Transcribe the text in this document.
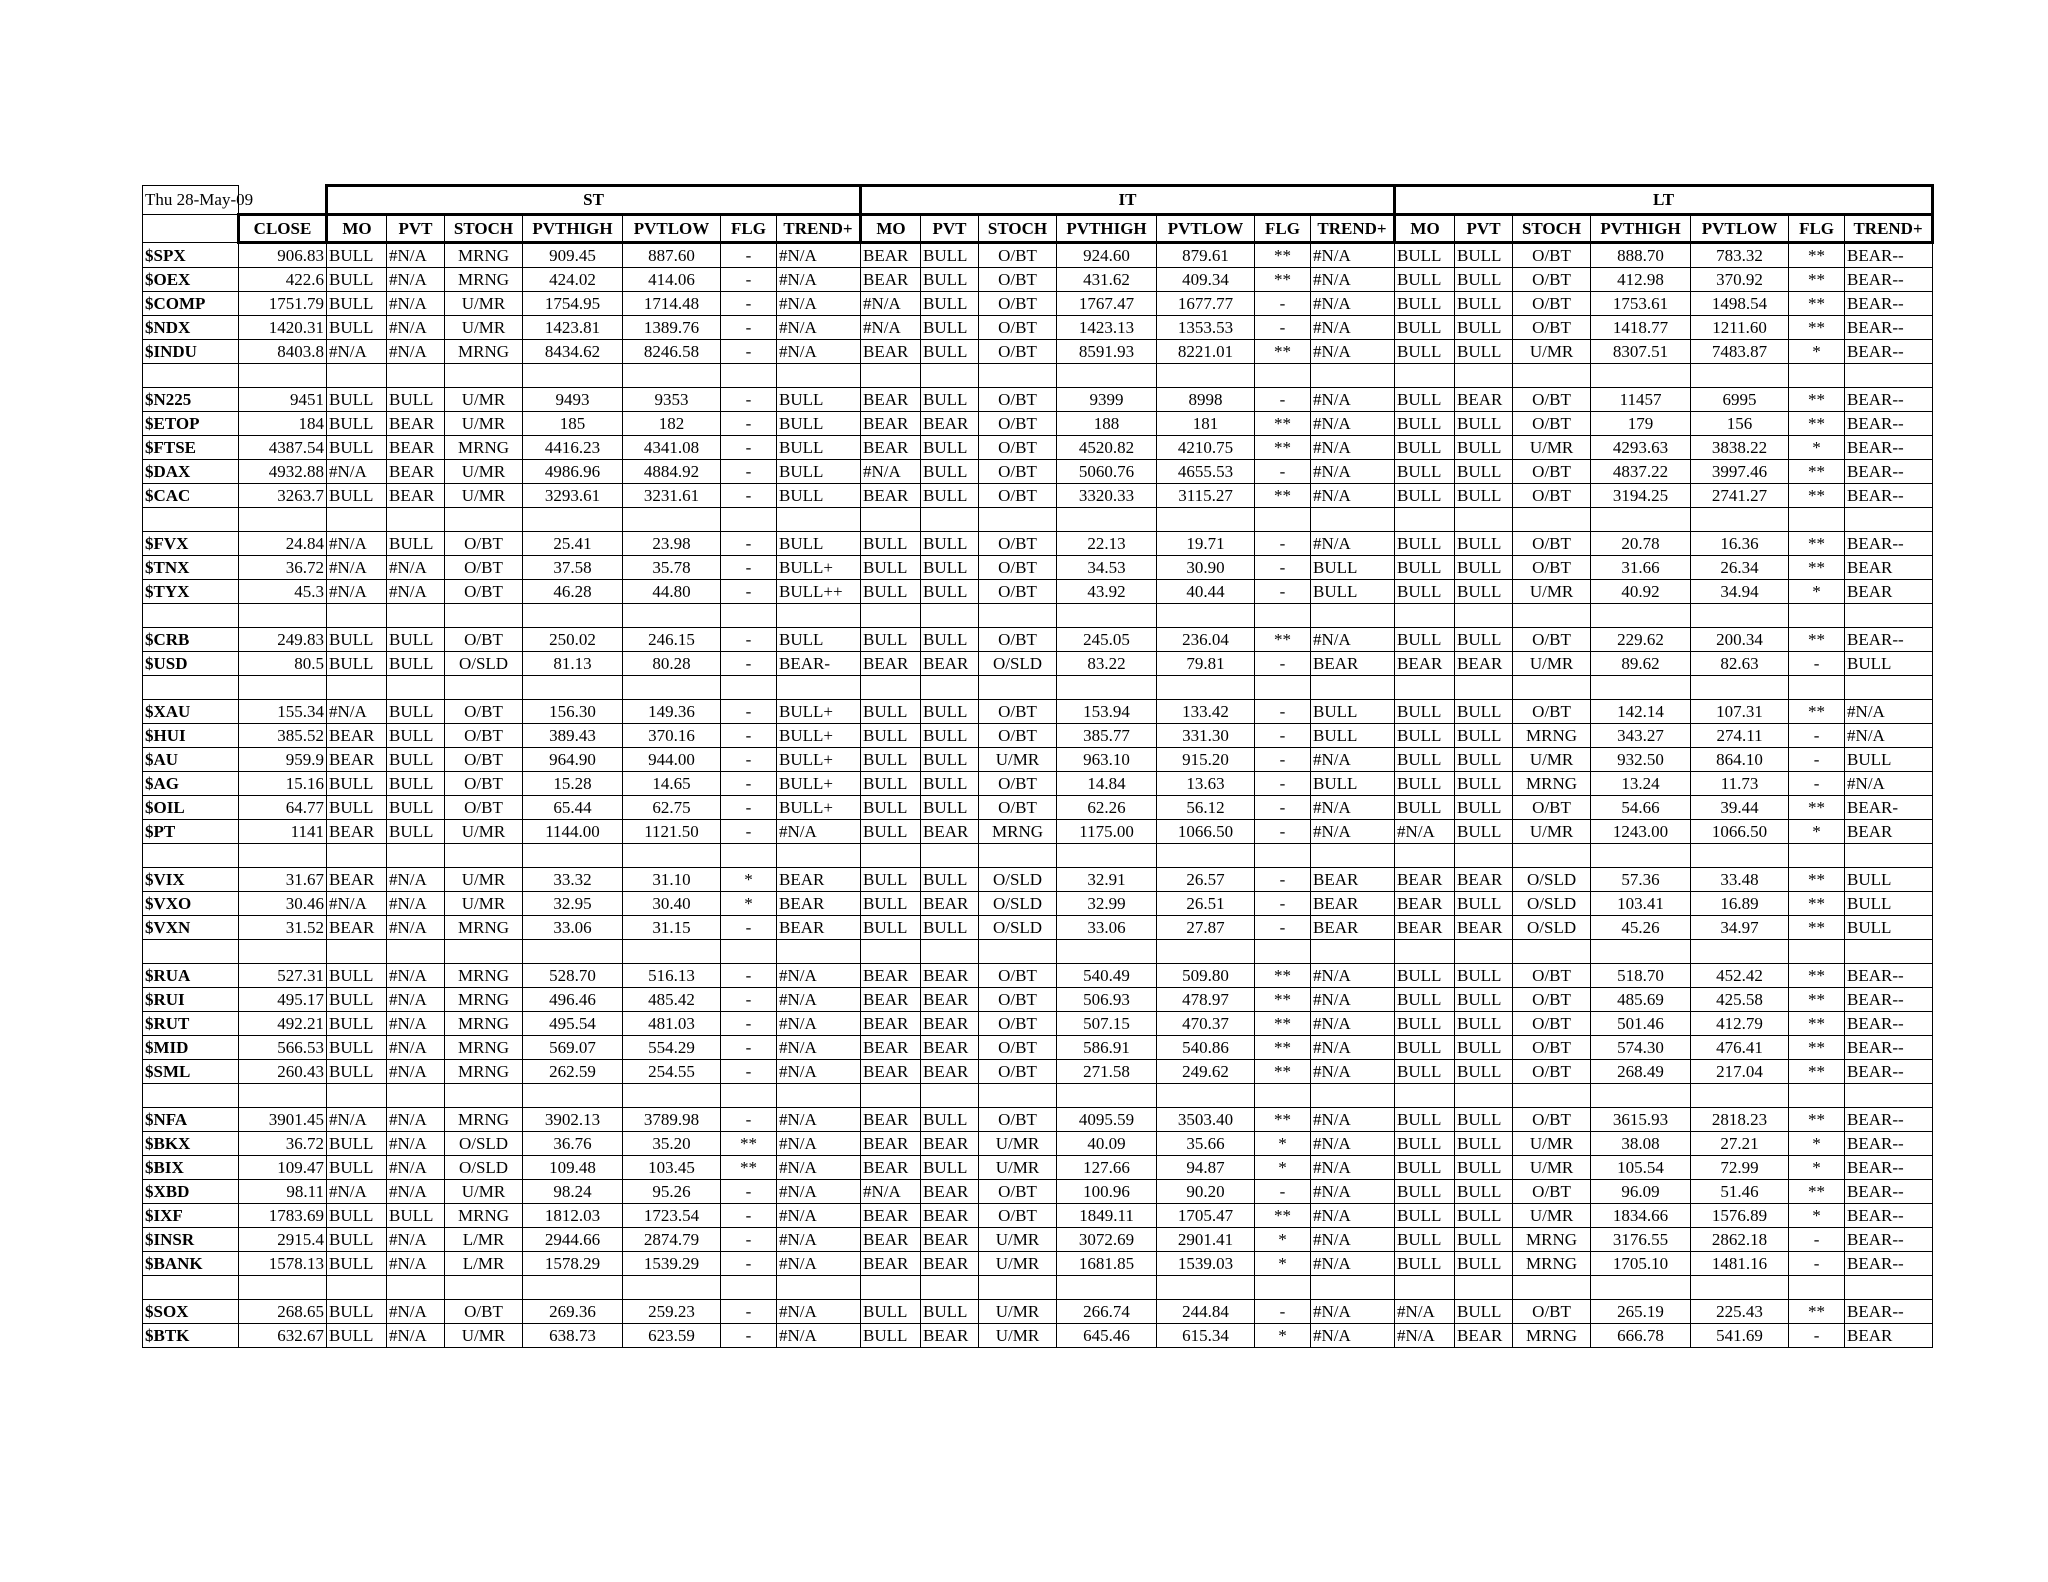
Thu 28-May-09		ST							IT							LT						
	CLOSE	MO	PVT	STOCH	PVTHIGH	PVTLOW	FLG	TREND+	MO	PVT	STOCH	PVTHIGH	PVTLOW	FLG	TREND+	MO	PVT	STOCH	PVTHIGH	PVTLOW	FLG	TREND+
$SPX	906.83	BULL	#N/A	MRNG	909.45	887.60	-	#N/A	BEAR	BULL	O/BT	924.60	879.61	**	#N/A	BULL	BULL	O/BT	888.70	783.32	**	BEAR--
$OEX	422.6	BULL	#N/A	MRNG	424.02	414.06	-	#N/A	BEAR	BULL	O/BT	431.62	409.34	**	#N/A	BULL	BULL	O/BT	412.98	370.92	**	BEAR--
$COMP	1751.79	BULL	#N/A	U/MR	1754.95	1714.48	-	#N/A	#N/A	BULL	O/BT	1767.47	1677.77	-	#N/A	BULL	BULL	O/BT	1753.61	1498.54	**	BEAR--
$NDX	1420.31	BULL	#N/A	U/MR	1423.81	1389.76	-	#N/A	#N/A	BULL	O/BT	1423.13	1353.53	-	#N/A	BULL	BULL	O/BT	1418.77	1211.60	**	BEAR--
$INDU	8403.8	#N/A	#N/A	MRNG	8434.62	8246.58	-	#N/A	BEAR	BULL	O/BT	8591.93	8221.01	**	#N/A	BULL	BULL	U/MR	8307.51	7483.87	*	BEAR--

$N225	9451	BULL	BULL	U/MR	9493	9353	-	BULL	BEAR	BULL	O/BT	9399	8998	-	#N/A	BULL	BEAR	O/BT	11457	6995	**	BEAR--
$ETOP	184	BULL	BEAR	U/MR	185	182	-	BULL	BEAR	BEAR	O/BT	188	181	**	#N/A	BULL	BULL	O/BT	179	156	**	BEAR--
$FTSE	4387.54	BULL	BEAR	MRNG	4416.23	4341.08	-	BULL	BEAR	BULL	O/BT	4520.82	4210.75	**	#N/A	BULL	BULL	U/MR	4293.63	3838.22	*	BEAR--
$DAX	4932.88	#N/A	BEAR	U/MR	4986.96	4884.92	-	BULL	#N/A	BULL	O/BT	5060.76	4655.53	-	#N/A	BULL	BULL	O/BT	4837.22	3997.46	**	BEAR--
$CAC	3263.7	BULL	BEAR	U/MR	3293.61	3231.61	-	BULL	BEAR	BULL	O/BT	3320.33	3115.27	**	#N/A	BULL	BULL	O/BT	3194.25	2741.27	**	BEAR--

$FVX	24.84	#N/A	BULL	O/BT	25.41	23.98	-	BULL	BULL	BULL	O/BT	22.13	19.71	-	#N/A	BULL	BULL	O/BT	20.78	16.36	**	BEAR--
$TNX	36.72	#N/A	#N/A	O/BT	37.58	35.78	-	BULL+	BULL	BULL	O/BT	34.53	30.90	-	BULL	BULL	BULL	O/BT	31.66	26.34	**	BEAR
$TYX	45.3	#N/A	#N/A	O/BT	46.28	44.80	-	BULL++	BULL	BULL	O/BT	43.92	40.44	-	BULL	BULL	BULL	U/MR	40.92	34.94	*	BEAR

$CRB	249.83	BULL	BULL	O/BT	250.02	246.15	-	BULL	BULL	BULL	O/BT	245.05	236.04	**	#N/A	BULL	BULL	O/BT	229.62	200.34	**	BEAR--
$USD	80.5	BULL	BULL	O/SLD	81.13	80.28	-	BEAR-	BEAR	BEAR	O/SLD	83.22	79.81	-	BEAR	BEAR	BEAR	U/MR	89.62	82.63	-	BULL

$XAU	155.34	#N/A	BULL	O/BT	156.30	149.36	-	BULL+	BULL	BULL	O/BT	153.94	133.42	-	BULL	BULL	BULL	O/BT	142.14	107.31	**	#N/A
$HUI	385.52	BEAR	BULL	O/BT	389.43	370.16	-	BULL+	BULL	BULL	O/BT	385.77	331.30	-	BULL	BULL	BULL	MRNG	343.27	274.11	-	#N/A
$AU	959.9	BEAR	BULL	O/BT	964.90	944.00	-	BULL+	BULL	BULL	U/MR	963.10	915.20	-	#N/A	BULL	BULL	U/MR	932.50	864.10	-	BULL
$AG	15.16	BULL	BULL	O/BT	15.28	14.65	-	BULL+	BULL	BULL	O/BT	14.84	13.63	-	BULL	BULL	BULL	MRNG	13.24	11.73	-	#N/A
$OIL	64.77	BULL	BULL	O/BT	65.44	62.75	-	BULL+	BULL	BULL	O/BT	62.26	56.12	-	#N/A	BULL	BULL	O/BT	54.66	39.44	**	BEAR-
$PT	1141	BEAR	BULL	U/MR	1144.00	1121.50	-	#N/A	BULL	BEAR	MRNG	1175.00	1066.50	-	#N/A	#N/A	BULL	U/MR	1243.00	1066.50	*	BEAR

$VIX	31.67	BEAR	#N/A	U/MR	33.32	31.10	*	BEAR	BULL	BULL	O/SLD	32.91	26.57	-	BEAR	BEAR	BEAR	O/SLD	57.36	33.48	**	BULL
$VXO	30.46	#N/A	#N/A	U/MR	32.95	30.40	*	BEAR	BULL	BEAR	O/SLD	32.99	26.51	-	BEAR	BEAR	BULL	O/SLD	103.41	16.89	**	BULL
$VXN	31.52	BEAR	#N/A	MRNG	33.06	31.15	-	BEAR	BULL	BULL	O/SLD	33.06	27.87	-	BEAR	BEAR	BEAR	O/SLD	45.26	34.97	**	BULL

$RUA	527.31	BULL	#N/A	MRNG	528.70	516.13	-	#N/A	BEAR	BEAR	O/BT	540.49	509.80	**	#N/A	BULL	BULL	O/BT	518.70	452.42	**	BEAR--
$RUI	495.17	BULL	#N/A	MRNG	496.46	485.42	-	#N/A	BEAR	BEAR	O/BT	506.93	478.97	**	#N/A	BULL	BULL	O/BT	485.69	425.58	**	BEAR--
$RUT	492.21	BULL	#N/A	MRNG	495.54	481.03	-	#N/A	BEAR	BEAR	O/BT	507.15	470.37	**	#N/A	BULL	BULL	O/BT	501.46	412.79	**	BEAR--
$MID	566.53	BULL	#N/A	MRNG	569.07	554.29	-	#N/A	BEAR	BEAR	O/BT	586.91	540.86	**	#N/A	BULL	BULL	O/BT	574.30	476.41	**	BEAR--
$SML	260.43	BULL	#N/A	MRNG	262.59	254.55	-	#N/A	BEAR	BEAR	O/BT	271.58	249.62	**	#N/A	BULL	BULL	O/BT	268.49	217.04	**	BEAR--

$NFA	3901.45	#N/A	#N/A	MRNG	3902.13	3789.98	-	#N/A	BEAR	BULL	O/BT	4095.59	3503.40	**	#N/A	BULL	BULL	O/BT	3615.93	2818.23	**	BEAR--
$BKX	36.72	BULL	#N/A	O/SLD	36.76	35.20	**	#N/A	BEAR	BEAR	U/MR	40.09	35.66	*	#N/A	BULL	BULL	U/MR	38.08	27.21	*	BEAR--
$BIX	109.47	BULL	#N/A	O/SLD	109.48	103.45	**	#N/A	BEAR	BULL	U/MR	127.66	94.87	*	#N/A	BULL	BULL	U/MR	105.54	72.99	*	BEAR--
$XBD	98.11	#N/A	#N/A	U/MR	98.24	95.26	-	#N/A	#N/A	BEAR	O/BT	100.96	90.20	-	#N/A	BULL	BULL	O/BT	96.09	51.46	**	BEAR--
$IXF	1783.69	BULL	BULL	MRNG	1812.03	1723.54	-	#N/A	BEAR	BEAR	O/BT	1849.11	1705.47	**	#N/A	BULL	BULL	U/MR	1834.66	1576.89	*	BEAR--
$INSR	2915.4	BULL	#N/A	L/MR	2944.66	2874.79	-	#N/A	BEAR	BEAR	U/MR	3072.69	2901.41	*	#N/A	BULL	BULL	MRNG	3176.55	2862.18	-	BEAR--
$BANK	1578.13	BULL	#N/A	L/MR	1578.29	1539.29	-	#N/A	BEAR	BEAR	U/MR	1681.85	1539.03	*	#N/A	BULL	BULL	MRNG	1705.10	1481.16	-	BEAR--

$SOX	268.65	BULL	#N/A	O/BT	269.36	259.23	-	#N/A	BULL	BULL	U/MR	266.74	244.84	-	#N/A	#N/A	BULL	O/BT	265.19	225.43	**	BEAR--
$BTK	632.67	BULL	#N/A	U/MR	638.73	623.59	-	#N/A	BULL	BEAR	U/MR	645.46	615.34	*	#N/A	#N/A	BEAR	MRNG	666.78	541.69	-	BEAR
